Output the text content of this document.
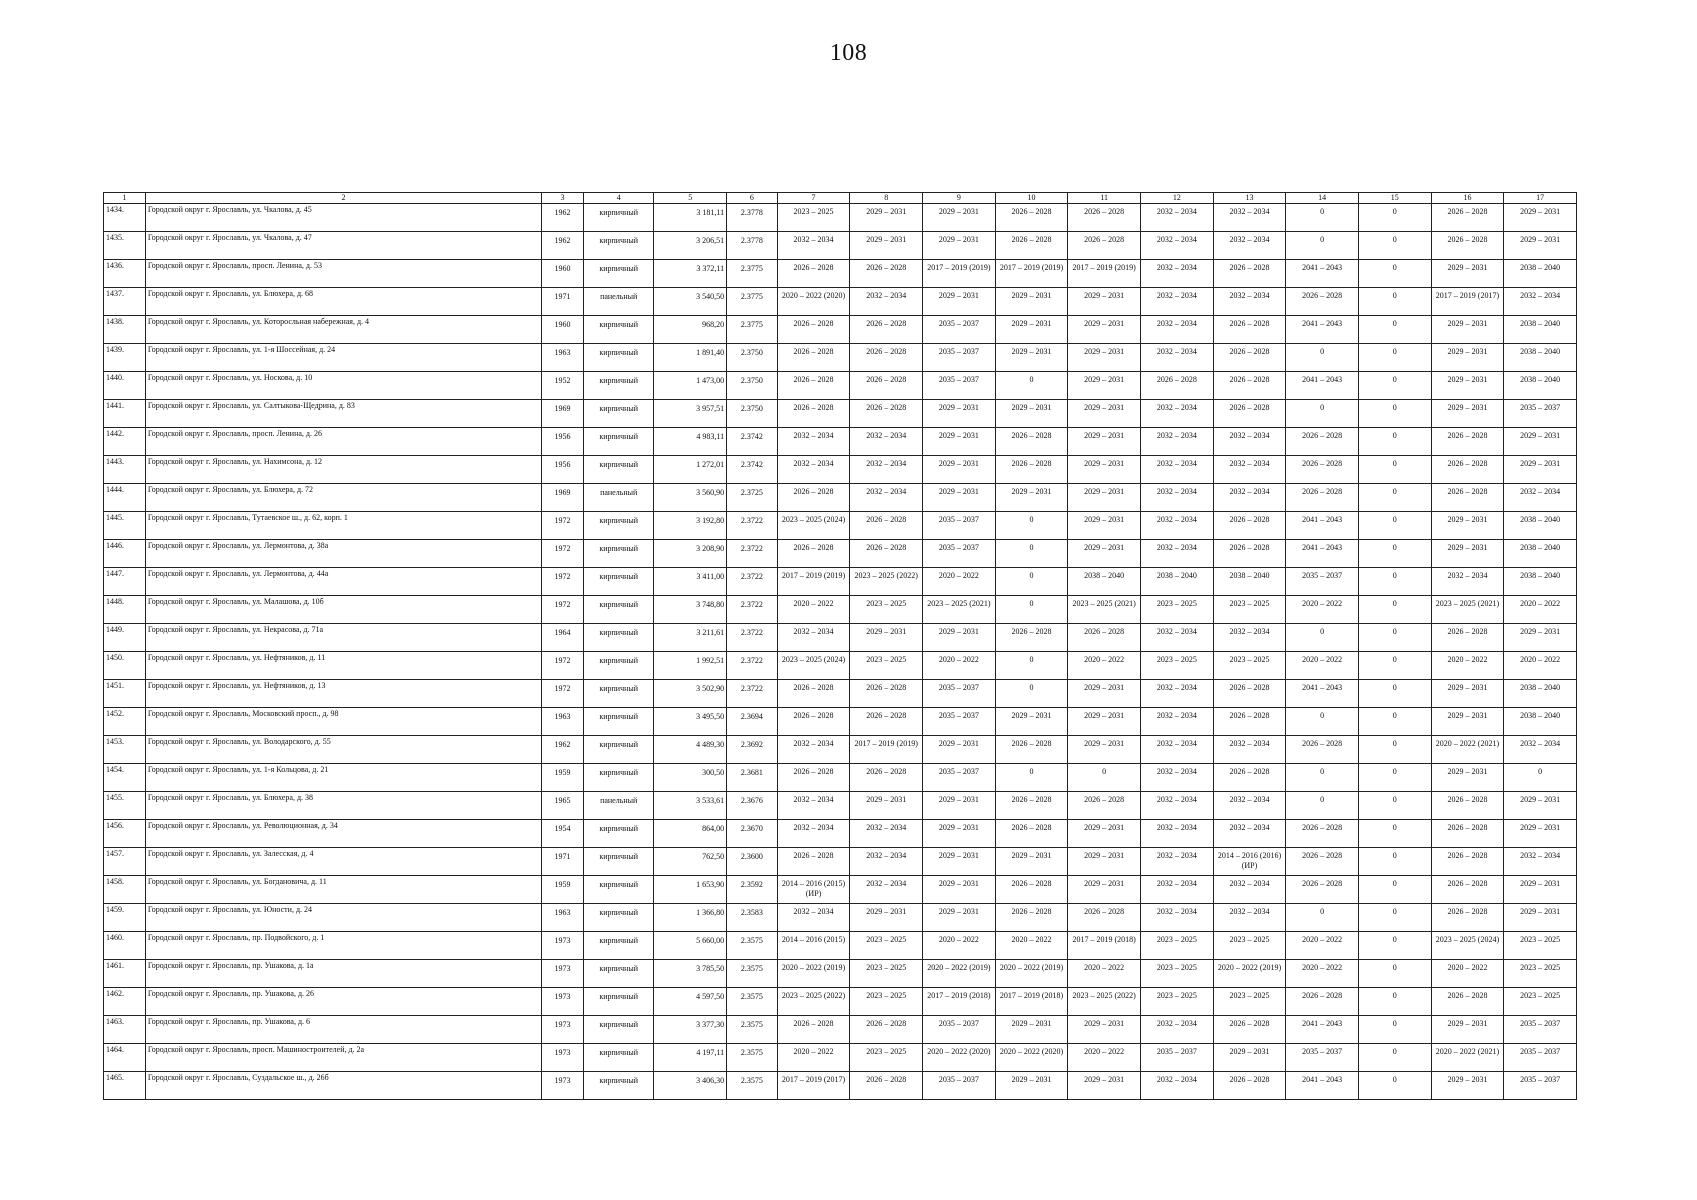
108
1	2	3	4	5	6	7	8	9	10	11	12	13	14	15	16	17
1434.	Городской округ г. Ярославль, ул. Чкалова, д. 45	1962	кирпичный	3 181,11	2.3778	2023 – 2025	2029 – 2031	2029 – 2031	2026 – 2028	2026 – 2028	2032 – 2034	2032 – 2034	0	0	2026 – 2028	2029 – 2031
1435.	Городской округ г. Ярославль, ул. Чкалова, д. 47	1962	кирпичный	3 206,51	2.3778	2032 – 2034	2029 – 2031	2029 – 2031	2026 – 2028	2026 – 2028	2032 – 2034	2032 – 2034	0	0	2026 – 2028	2029 – 2031
1436.	Городской округ г. Ярославль, просп. Ленина, д. 53	1960	кирпичный	3 372,11	2.3775	2026 – 2028	2026 – 2028	2017 – 2019 (2019)	2017 – 2019 (2019)	2017 – 2019 (2019)	2032 – 2034	2026 – 2028	2041 – 2043	0	2029 – 2031	2038 – 2040
1437.	Городской округ г. Ярославль, ул. Блюхера, д. 68	1971	панельный	3 540,50	2.3775	2020 – 2022 (2020)	2032 – 2034	2029 – 2031	2029 – 2031	2029 – 2031	2032 – 2034	2032 – 2034	2026 – 2028	0	2017 – 2019 (2017)	2032 – 2034
1438.	Городской округ г. Ярославль, ул. Которосльная набережная, д. 4	1960	кирпичный	968,20	2.3775	2026 – 2028	2026 – 2028	2035 – 2037	2029 – 2031	2029 – 2031	2032 – 2034	2026 – 2028	2041 – 2043	0	2029 – 2031	2038 – 2040
1439.	Городской округ г. Ярославль, ул. 1-я Шоссейная, д. 24	1963	кирпичный	1 891,40	2.3750	2026 – 2028	2026 – 2028	2035 – 2037	2029 – 2031	2029 – 2031	2032 – 2034	2026 – 2028	0	0	2029 – 2031	2038 – 2040
1440.	Городской округ г. Ярославль, ул. Носкова, д. 10	1952	кирпичный	1 473,00	2.3750	2026 – 2028	2026 – 2028	2035 – 2037	0	2029 – 2031	2026 – 2028	2026 – 2028	2041 – 2043	0	2029 – 2031	2038 – 2040
1441.	Городской округ г. Ярославль, ул. Салтыкова-Щедрина, д. 83	1969	кирпичный	3 957,51	2.3750	2026 – 2028	2026 – 2028	2029 – 2031	2029 – 2031	2029 – 2031	2032 – 2034	2026 – 2028	0	0	2029 – 2031	2035 – 2037
1442.	Городской округ г. Ярославль, просп. Ленина, д. 26	1956	кирпичный	4 983,11	2.3742	2032 – 2034	2032 – 2034	2029 – 2031	2026 – 2028	2029 – 2031	2032 – 2034	2032 – 2034	2026 – 2028	0	2026 – 2028	2029 – 2031
1443.	Городской округ г. Ярославль, ул. Нахимсона, д. 12	1956	кирпичный	1 272,01	2.3742	2032 – 2034	2032 – 2034	2029 – 2031	2026 – 2028	2029 – 2031	2032 – 2034	2032 – 2034	2026 – 2028	0	2026 – 2028	2029 – 2031
1444.	Городской округ г. Ярославль, ул. Блюхера, д. 72	1969	панельный	3 560,90	2.3725	2026 – 2028	2032 – 2034	2029 – 2031	2029 – 2031	2029 – 2031	2032 – 2034	2032 – 2034	2026 – 2028	0	2026 – 2028	2032 – 2034
1445.	Городской округ г. Ярославль, Тутаевское ш., д. 62, корп. 1	1972	кирпичный	3 192,80	2.3722	2023 – 2025 (2024)	2026 – 2028	2035 – 2037	0	2029 – 2031	2032 – 2034	2026 – 2028	2041 – 2043	0	2029 – 2031	2038 – 2040
1446.	Городской округ г. Ярославль, ул. Лермонтова, д. 38а	1972	кирпичный	3 208,90	2.3722	2026 – 2028	2026 – 2028	2035 – 2037	0	2029 – 2031	2032 – 2034	2026 – 2028	2041 – 2043	0	2029 – 2031	2038 – 2040
1447.	Городской округ г. Ярославль, ул. Лермонтова, д. 44а	1972	кирпичный	3 411,00	2.3722	2017 – 2019 (2019)	2023 – 2025 (2022)	2020 – 2022	0	2038 – 2040	2038 – 2040	2038 – 2040	2035 – 2037	0	2032 – 2034	2038 – 2040
1448.	Городской округ г. Ярославль, ул. Малашова, д. 10б	1972	кирпичный	3 748,80	2.3722	2020 – 2022	2023 – 2025	2023 – 2025 (2021)	0	2023 – 2025 (2021)	2023 – 2025	2023 – 2025	2020 – 2022	0	2023 – 2025 (2021)	2020 – 2022
1449.	Городской округ г. Ярославль, ул. Некрасова, д. 71а	1964	кирпичный	3 211,61	2.3722	2032 – 2034	2029 – 2031	2029 – 2031	2026 – 2028	2026 – 2028	2032 – 2034	2032 – 2034	0	0	2026 – 2028	2029 – 2031
1450.	Городской округ г. Ярославль, ул. Нефтяников, д. 11	1972	кирпичный	1 992,51	2.3722	2023 – 2025 (2024)	2023 – 2025	2020 – 2022	0	2020 – 2022	2023 – 2025	2023 – 2025	2020 – 2022	0	2020 – 2022	2020 – 2022
1451.	Городской округ г. Ярославль, ул. Нефтяников, д. 13	1972	кирпичный	3 502,90	2.3722	2026 – 2028	2026 – 2028	2035 – 2037	0	2029 – 2031	2032 – 2034	2026 – 2028	2041 – 2043	0	2029 – 2031	2038 – 2040
1452.	Городской округ г. Ярославль, Московский просп., д. 98	1963	кирпичный	3 495,50	2.3694	2026 – 2028	2026 – 2028	2035 – 2037	2029 – 2031	2029 – 2031	2032 – 2034	2026 – 2028	0	0	2029 – 2031	2038 – 2040
1453.	Городской округ г. Ярославль, ул. Володарского, д. 55	1962	кирпичный	4 489,30	2.3692	2032 – 2034	2017 – 2019 (2019)	2029 – 2031	2026 – 2028	2029 – 2031	2032 – 2034	2032 – 2034	2026 – 2028	0	2020 – 2022 (2021)	2032 – 2034
1454.	Городской округ г. Ярославль, ул. 1-я Кольцова, д. 21	1959	кирпичный	300,50	2.3681	2026 – 2028	2026 – 2028	2035 – 2037	0	0	2032 – 2034	2026 – 2028	0	0	2029 – 2031	0
1455.	Городской округ г. Ярославль, ул. Блюхера, д. 38	1965	панельный	3 533,61	2.3676	2032 – 2034	2029 – 2031	2029 – 2031	2026 – 2028	2026 – 2028	2032 – 2034	2032 – 2034	0	0	2026 – 2028	2029 – 2031
1456.	Городской округ г. Ярославль, ул. Революционная, д. 34	1954	кирпичный	864,00	2.3670	2032 – 2034	2032 – 2034	2029 – 2031	2026 – 2028	2029 – 2031	2032 – 2034	2032 – 2034	2026 – 2028	0	2026 – 2028	2029 – 2031
1457.	Городской округ г. Ярославль, ул. Залесская, д. 4	1971	кирпичный	762,50	2.3600	2026 – 2028	2032 – 2034	2029 – 2031	2029 – 2031	2029 – 2031	2032 – 2034	2014 – 2016 (2016) (ИР)	2026 – 2028	0	2026 – 2028	2032 – 2034
1458.	Городской округ г. Ярославль, ул. Богдановича, д. 11	1959	кирпичный	1 653,90	2.3592	2014 – 2016 (2015) (ИР)	2032 – 2034	2029 – 2031	2026 – 2028	2029 – 2031	2032 – 2034	2032 – 2034	2026 – 2028	0	2026 – 2028	2029 – 2031
1459.	Городской округ г. Ярославль, ул. Юности, д. 24	1963	кирпичный	1 366,80	2.3583	2032 – 2034	2029 – 2031	2029 – 2031	2026 – 2028	2026 – 2028	2032 – 2034	2032 – 2034	0	0	2026 – 2028	2029 – 2031
1460.	Городской округ г. Ярославль, пр. Подвойского, д. 1	1973	кирпичный	5 660,00	2.3575	2014 – 2016 (2015)	2023 – 2025	2020 – 2022	2020 – 2022	2017 – 2019 (2018)	2023 – 2025	2023 – 2025	2020 – 2022	0	2023 – 2025 (2024)	2023 – 2025
1461.	Городской округ г. Ярославль, пр. Ушакова, д. 1а	1973	кирпичный	3 785,50	2.3575	2020 – 2022 (2019)	2023 – 2025	2020 – 2022 (2019)	2020 – 2022 (2019)	2020 – 2022	2023 – 2025	2020 – 2022 (2019)	2020 – 2022	0	2020 – 2022	2023 – 2025
1462.	Городской округ г. Ярославль, пр. Ушакова, д. 26	1973	кирпичный	4 597,50	2.3575	2023 – 2025 (2022)	2023 – 2025	2017 – 2019 (2018)	2017 – 2019 (2018)	2023 – 2025 (2022)	2023 – 2025	2023 – 2025	2026 – 2028	0	2026 – 2028	2023 – 2025
1463.	Городской округ г. Ярославль, пр. Ушакова, д. 6	1973	кирпичный	3 377,30	2.3575	2026 – 2028	2026 – 2028	2035 – 2037	2029 – 2031	2029 – 2031	2032 – 2034	2026 – 2028	2041 – 2043	0	2029 – 2031	2035 – 2037
1464.	Городской округ г. Ярославль, просп. Машиностроителей, д. 2а	1973	кирпичный	4 197,11	2.3575	2020 – 2022	2023 – 2025	2020 – 2022 (2020)	2020 – 2022 (2020)	2020 – 2022	2035 – 2037	2029 – 2031	2035 – 2037	0	2020 – 2022 (2021)	2035 – 2037
1465.	Городской округ г. Ярославль, Суздальское ш., д. 26б	1973	кирпичный	3 406,30	2.3575	2017 – 2019 (2017)	2026 – 2028	2035 – 2037	2029 – 2031	2029 – 2031	2032 – 2034	2026 – 2028	2041 – 2043	0	2029 – 2031	2035 – 2037
